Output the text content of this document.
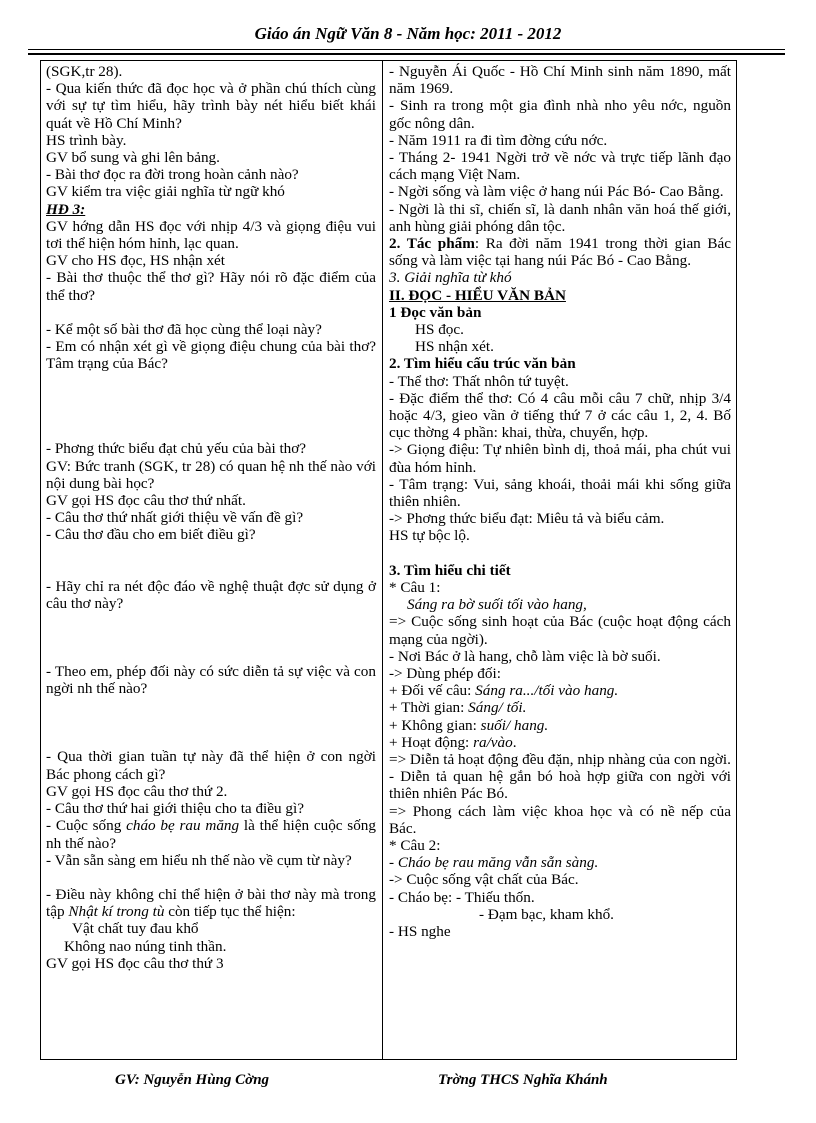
Giáo án Ngữ Văn 8 - Năm học: 2011 - 2012
(SGK,tr 28).
- Qua kiến thức đã đọc học và ở phần chú thích cùng với sự tự tìm hiểu, hãy trình bày nét hiểu biết khái quát về Hồ Chí Minh?
HS trình bày.
GV bổ sung và ghi lên bảng.
- Bài thơ đọc ra đời trong hoàn cảnh nào?
GV kiểm tra việc giải nghĩa từ ngữ khó
HĐ 3:
GV hớng dẫn HS đọc với nhịp 4/3 và giọng điệu vui tơi thể hiện hóm hỉnh, lạc quan.
GV cho HS đọc, HS nhận xét
- Bài thơ thuộc thể thơ gì? Hãy nói rõ đặc điểm của thể thơ?
- Kể một số bài thơ đã học cùng thể loại này?
- Em có nhận xét gì về giọng điệu chung của bài thơ? Tâm trạng của Bác?
- Phơng thức biểu đạt chủ yếu của bài thơ?
GV: Bức tranh (SGK, tr 28) có quan hệ nh thế nào với nội dung bài học?
GV gọi HS đọc câu thơ thứ nhất.
- Câu thơ thứ nhất giới thiệu về vấn đề gì?
- Câu thơ đầu cho em biết điều gì?
- Hãy chỉ ra nét độc đáo về nghệ thuật đợc sử dụng ở câu thơ này?
- Theo em, phép đối này có sức diễn tả sự việc và con ngời nh thế nào?
- Qua thời gian tuần tự này đã thể hiện ở con ngời Bác phong cách gì?
GV gọi HS đọc câu thơ thứ 2.
- Câu thơ thứ hai giới thiệu cho ta điều gì?
- Cuộc sống cháo bẹ rau măng là thể hiện cuộc sống nh thế nào?
- Vẫn sẵn sàng em hiểu nh thế nào về cụm từ này?
- Điều này không chỉ thể hiện ở bài thơ này mà trong tập Nhật kí trong tù còn tiếp tục thể hiện:
Vật chất tuy đau khổ
Không nao núng tinh thần.
GV gọi HS đọc câu thơ thứ 3
- Nguyễn Ái Quốc - Hồ Chí Minh sinh năm 1890, mất năm 1969.
- Sinh ra trong một gia đình nhà nho yêu nớc, nguồn gốc nông dân.
- Năm 1911 ra đi tìm đờng cứu nớc.
- Tháng 2- 1941 Ngời trở về nớc và trực tiếp lãnh đạo cách mạng Việt Nam.
- Ngời sống và làm việc ở hang núi Pác Bó- Cao Bằng.
- Ngời là thi sĩ, chiến sĩ, là danh nhân văn hoá thế giới, anh hùng giải phóng dân tộc.
2. Tác phẩm: Ra đời năm 1941 trong thời gian Bác sống và làm việc tại hang núi Pác Bó - Cao Bằng.
3. Giải nghĩa từ khó
II. ĐỌC - HIỂU VĂN BẢN
1 Đọc văn bản
HS đọc.
HS nhận xét.
2. Tìm hiểu cấu trúc văn bản
- Thể thơ: Thất nhôn tứ tuyệt.
- Đặc điểm thể thơ: Có 4 câu mỗi câu 7 chữ, nhịp 3/4 hoặc 4/3, gieo vần ở tiếng thứ 7 ở các câu 1, 2, 4. Bố cục thờng 4 phần: khai, thừa, chuyển, hợp.
-> Giọng điệu: Tự nhiên bình dị, thoả mái, pha chút vui đùa hóm hỉnh.
- Tâm trạng: Vui, sảng khoái, thoải mái khi sống giữa thiên nhiên.
-> Phơng thức biểu đạt: Miêu tả và biểu cảm.
HS tự bộc lộ.
3. Tìm hiểu chi tiết
* Câu 1:
Sáng ra bờ suối tối vào hang,
=> Cuộc sống sinh hoạt của Bác (cuộc hoạt động cách mạng của ngời).
- Nơi Bác ở là hang, chỗ làm việc là bờ suối.
-> Dùng phép đối:
+ Đối vế câu: Sáng ra.../tối vào hang.
+ Thời gian: Sáng/ tối.
+ Không gian: suối/ hang.
+ Hoạt động: ra/vào.
=> Diễn tả hoạt động đều đặn, nhịp nhàng của con ngời.
- Diễn tả quan hệ gắn bó hoà hợp giữa con ngời với thiên nhiên Pác Bó.
=> Phong cách làm việc khoa học và có nề nếp của Bác.
* Câu 2:
- Cháo bẹ rau măng vẫn sẵn sàng.
-> Cuộc sống vật chất của Bác.
- Cháo bẹ: - Thiếu thốn.
- Đạm bạc, kham khổ.
- HS nghe
GV: Nguyễn Hùng Cờng	Trờng THCS Nghĩa Khánh
